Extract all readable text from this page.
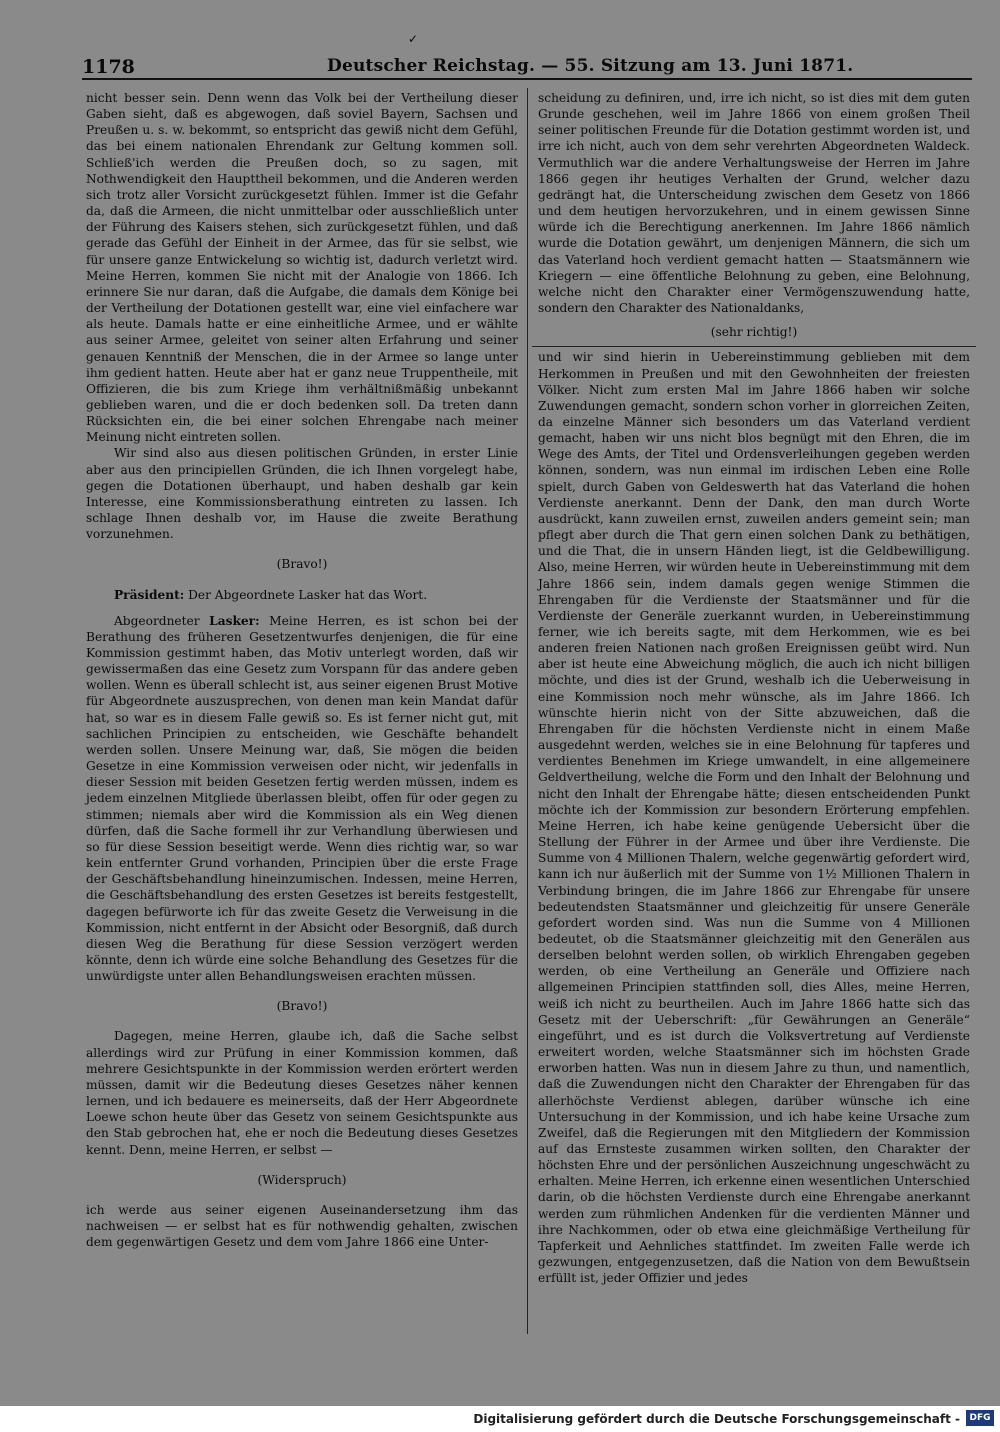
1178	Deutscher Reichstag. — 55. Sitzung am 13. Juni 1871.
✓

nicht besser sein. Denn wenn das Volk bei der Vertheilung dieser Gaben sieht, daß es abgewogen, daß soviel Bayern, Sachsen und Preußen u. s. w. bekommt, so entspricht das gewiß nicht dem Gefühl, das bei einem nationalen Ehrendank zur Geltung kommen soll. Schließ'ich werden die Preußen doch, so zu sagen, mit Nothwendigkeit den Haupttheil bekommen, und die Anderen werden sich trotz aller Vorsicht zurückgesetzt fühlen. Immer ist die Gefahr da, daß die Armeen, die nicht unmittelbar oder ausschließlich unter der Führung des Kaisers stehen, sich zurückgesetzt fühlen, und daß gerade das Gefühl der Einheit in der Armee, das für sie selbst, wie für unsere ganze Entwickelung so wichtig ist, dadurch verletzt wird. Meine Herren, kommen Sie nicht mit der Analogie von 1866. Ich erinnere Sie nur daran, daß die Aufgabe, die damals dem Könige bei der Vertheilung der Dotationen gestellt war, eine viel einfachere war als heute. Damals hatte er eine einheitliche Armee, und er wählte aus seiner Armee, geleitet von seiner alten Erfahrung und seiner genauen Kenntniß der Menschen, die in der Armee so lange unter ihm gedient hatten. Heute aber hat er ganz neue Truppentheile, mit Offizieren, die bis zum Kriege ihm verhältnißmäßig unbekannt geblieben waren, und die er doch bedenken soll. Da treten dann Rücksichten ein, die bei einer solchen Ehrengabe nach meiner Meinung nicht eintreten sollen.

Wir sind also aus diesen politischen Gründen, in erster Linie aber aus den principiellen Gründen, die ich Ihnen vorgelegt habe, gegen die Dotationen überhaupt, und haben deshalb gar kein Interesse, eine Kommissionsberathung eintreten zu lassen. Ich schlage Ihnen deshalb vor, im Hause die zweite Berathung vorzunehmen.

(Bravo!)

Präsident: Der Abgeordnete Lasker hat das Wort.

Abgeordneter Lasker: Meine Herren, es ist schon bei der Berathung des früheren Gesetzentwurfes denjenigen, die für eine Kommission gestimmt haben, das Motiv unterlegt worden, daß wir gewissermaßen das eine Gesetz zum Vorspann für das andere geben wollen. Wenn es überall schlecht ist, aus seiner eigenen Brust Motive für Abgeordnete auszusprechen, von denen man kein Mandat dafür hat, so war es in diesem Falle gewiß so. Es ist ferner nicht gut, mit sachlichen Principien zu entscheiden, wie Geschäfte behandelt werden sollen. Unsere Meinung war, daß, Sie mögen die beiden Gesetze in eine Kommission verweisen oder nicht, wir jedenfalls in dieser Session mit beiden Gesetzen fertig werden müssen, indem es jedem einzelnen Mitgliede überlassen bleibt, offen für oder gegen zu stimmen; niemals aber wird die Kommission als ein Weg dienen dürfen, daß die Sache formell ihr zur Verhandlung überwiesen und so für diese Session beseitigt werde. Wenn dies richtig war, so war kein entfernter Grund vorhanden, Principien über die erste Frage der Geschäftsbehandlung hineinzumischen. Indessen, meine Herren, die Geschäftsbehandlung des ersten Gesetzes ist bereits festgestellt, dagegen befürworte ich für das zweite Gesetz die Verweisung in die Kommission, nicht entfernt in der Absicht oder Besorgniß, daß durch diesen Weg die Berathung für diese Session verzögert werden könnte, denn ich würde eine solche Behandlung des Gesetzes für die unwürdigste unter allen Behandlungsweisen erachten müssen.

(Bravo!)

Dagegen, meine Herren, glaube ich, daß die Sache selbst allerdings wird zur Prüfung in einer Kommission kommen, daß mehrere Gesichtspunkte in der Kommission werden erörtert werden müssen, damit wir die Bedeutung dieses Gesetzes näher kennen lernen, und ich bedauere es meinerseits, daß der Herr Abgeordnete Loewe schon heute über das Gesetz von seinem Gesichtspunkte aus den Stab gebrochen hat, ehe er noch die Bedeutung dieses Gesetzes kennt. Denn, meine Herren, er selbst —

(Widerspruch)

ich werde aus seiner eigenen Auseinandersetzung ihm das nachweisen — er selbst hat es für nothwendig gehalten, zwischen dem gegenwärtigen Gesetz und dem vom Jahre 1866 eine Unter-

scheidung zu definiren, und, irre ich nicht, so ist dies mit dem guten Grunde geschehen, weil im Jahre 1866 von einem großen Theil seiner politischen Freunde für die Dotation gestimmt worden ist, und irre ich nicht, auch von dem sehr verehrten Abgeordneten Waldeck. Vermuthlich war die andere Verhaltungsweise der Herren im Jahre 1866 gegen ihr heutiges Verhalten der Grund, welcher dazu gedrängt hat, die Unterscheidung zwischen dem Gesetz von 1866 und dem heutigen hervorzukehren, und in einem gewissen Sinne würde ich die Berechtigung anerkennen. Im Jahre 1866 nämlich wurde die Dotation gewährt, um denjenigen Männern, die sich um das Vaterland hoch verdient gemacht hatten — Staatsmännern wie Kriegern — eine öffentliche Belohnung zu geben, eine Belohnung, welche nicht den Charakter einer Vermögenszuwendung hatte, sondern den Charakter des Nationaldanks,

(sehr richtig!)

und wir sind hierin in Uebereinstimmung geblieben mit dem Herkommen in Preußen und mit den Gewohnheiten der freiesten Völker. Nicht zum ersten Mal im Jahre 1866 haben wir solche Zuwendungen gemacht, sondern schon vorher in glorreichen Zeiten, da einzelne Männer sich besonders um das Vaterland verdient gemacht, haben wir uns nicht blos begnügt mit den Ehren, die im Wege des Amts, der Titel und Ordensverleihungen gegeben werden können, sondern, was nun einmal im irdischen Leben eine Rolle spielt, durch Gaben von Geldeswerth hat das Vaterland die hohen Verdienste anerkannt. Denn der Dank, den man durch Worte ausdrückt, kann zuweilen ernst, zuweilen anders gemeint sein; man pflegt aber durch die That gern einen solchen Dank zu bethätigen, und die That, die in unsern Händen liegt, ist die Geldbewilligung. Also, meine Herren, wir würden heute in Uebereinstimmung mit dem Jahre 1866 sein, indem damals gegen wenige Stimmen die Ehrengaben für die Verdienste der Staatsmänner und für die Verdienste der Generäle zuerkannt wurden, in Uebereinstimmung ferner, wie ich bereits sagte, mit dem Herkommen, wie es bei anderen freien Nationen nach großen Ereignissen geübt wird. Nun aber ist heute eine Abweichung möglich, die auch ich nicht billigen möchte, und dies ist der Grund, weshalb ich die Ueberweisung in eine Kommission noch mehr wünsche, als im Jahre 1866. Ich wünschte hierin nicht von der Sitte abzuweichen, daß die Ehrengaben für die höchsten Verdienste nicht in einem Maße ausgedehnt werden, welches sie in eine Belohnung für tapferes und verdientes Benehmen im Kriege umwandelt, in eine allgemeinere Geldvertheilung, welche die Form und den Inhalt der Belohnung und nicht den Inhalt der Ehrengabe hätte; diesen entscheidenden Punkt möchte ich der Kommission zur besondern Erörterung empfehlen. Meine Herren, ich habe keine genügende Uebersicht über die Stellung der Führer in der Armee und über ihre Verdienste. Die Summe von 4 Millionen Thalern, welche gegenwärtig gefordert wird, kann ich nur äußerlich mit der Summe von 1½ Millionen Thalern in Verbindung bringen, die im Jahre 1866 zur Ehrengabe für unsere bedeutendsten Staatsmänner und gleichzeitig für unsere Generäle gefordert worden sind. Was nun die Summe von 4 Millionen bedeutet, ob die Staatsmänner gleichzeitig mit den Generälen aus derselben belohnt werden sollen, ob wirklich Ehrengaben gegeben werden, ob eine Vertheilung an Generäle und Offiziere nach allgemeinen Principien stattfinden soll, dies Alles, meine Herren, weiß ich nicht zu beurtheilen. Auch im Jahre 1866 hatte sich das Gesetz mit der Ueberschrift: „für Gewährungen an Generäle“ eingeführt, und es ist durch die Volksvertretung auf Verdienste erweitert worden, welche Staatsmänner sich im höchsten Grade erworben hatten. Was nun in diesem Jahre zu thun, und namentlich, daß die Zuwendungen nicht den Charakter der Ehrengaben für das allerhöchste Verdienst ablegen, darüber wünsche ich eine Untersuchung in der Kommission, und ich habe keine Ursache zum Zweifel, daß die Regierungen mit den Mitgliedern der Kommission auf das Ernsteste zusammen wirken sollten, den Charakter der höchsten Ehre und der persönlichen Auszeichnung ungeschwächt zu erhalten. Meine Herren, ich erkenne einen wesentlichen Unterschied darin, ob die höchsten Verdienste durch eine Ehrengabe anerkannt werden zum rühmlichen Andenken für die verdienten Männer und ihre Nachkommen, oder ob etwa eine gleichmäßige Vertheilung für Tapferkeit und Aehnliches stattfindet. Im zweiten Falle werde ich gezwungen, entgegenzusetzen, daß die Nation von dem Bewußtsein erfüllt ist, jeder Offizier und jedes

Digitalisierung gefördert durch die Deutsche Forschungsgemeinschaft -	DFG
